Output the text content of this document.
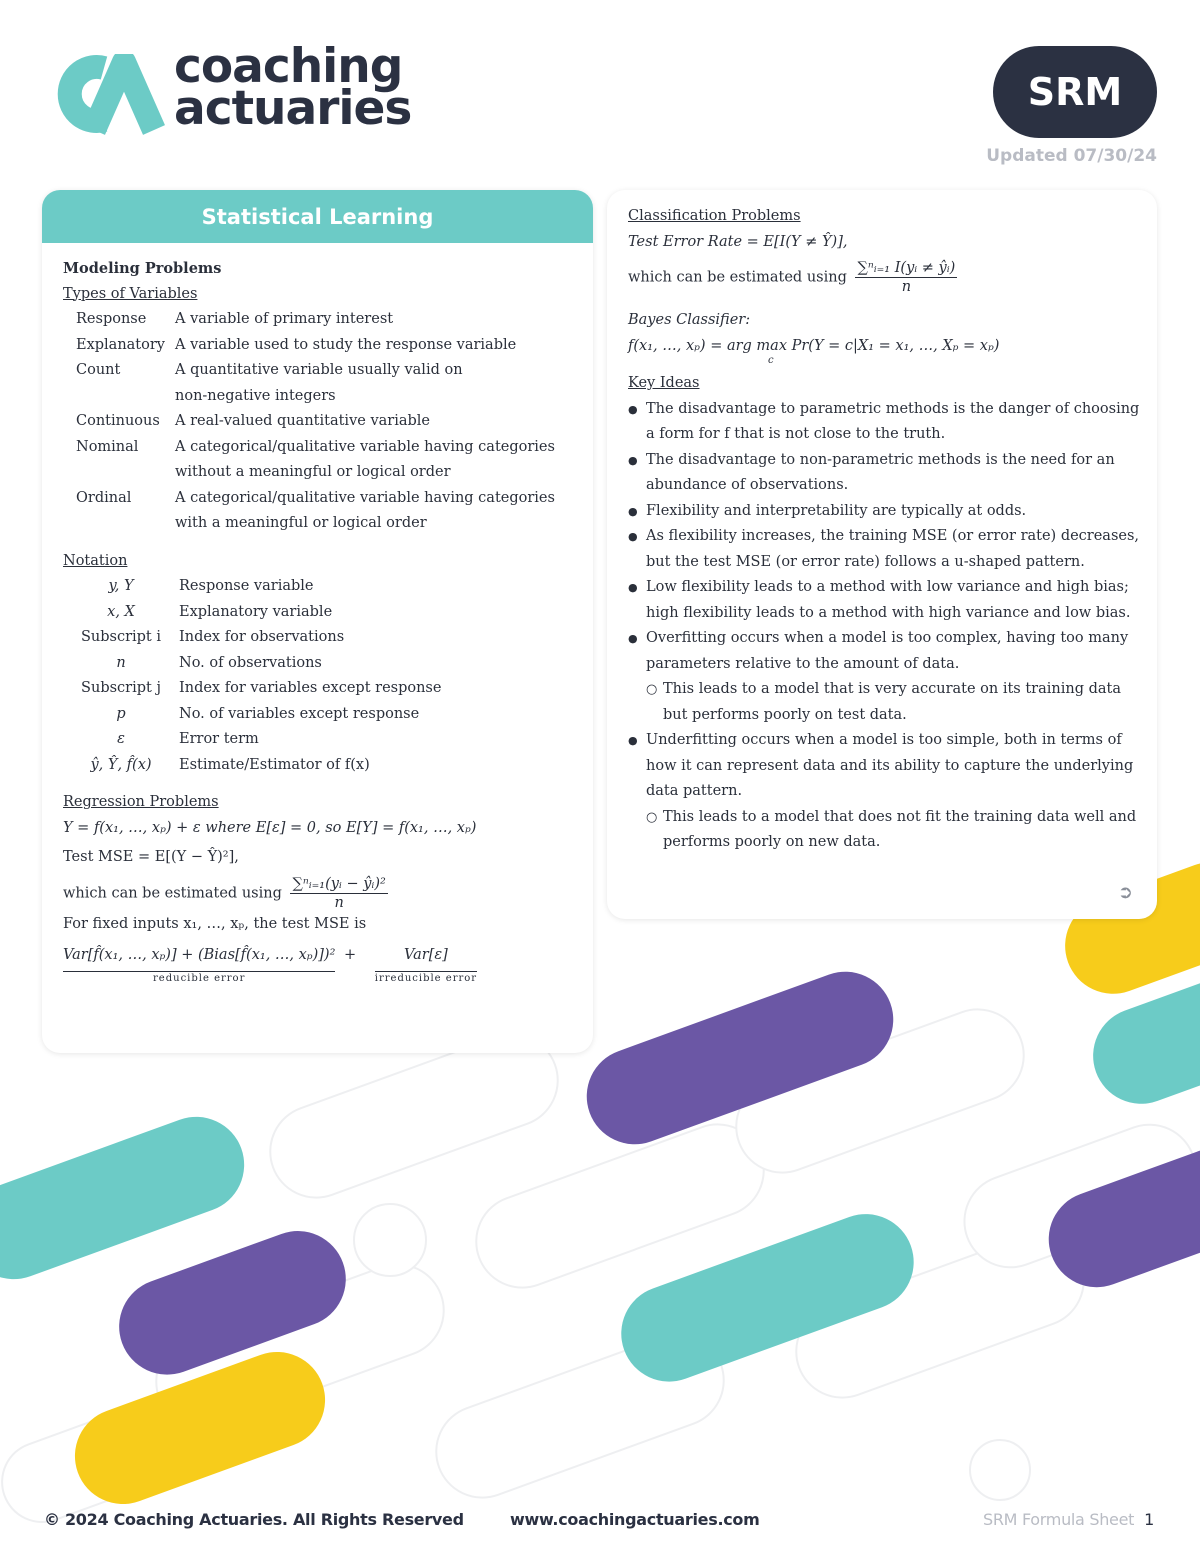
coaching
actuaries	SRM
Updated 07/30/24
Statistical Learning
Modeling Problems
Types of Variables
Response	A variable of primary interest
Explanatory A variable used to study the response variable
Count	A quantitative variable usually valid on
non-negative integers
Continuous	A real-valued quantitative variable
Nominal	A categorical/qualitative variable having categories
without a meaningful or logical order
Ordinal	A categorical/qualitative variable having categories
with a meaningful or logical order
Notation
y, Y	Response variable
x, X	Explanatory variable
Subscript i	Index for observations
n	No. of observations
Subscript j	Index for variables except response
p	No. of variables except response
ε	Error term
ŷ, Ŷ, f̂(x)	Estimate/Estimator of f(x)
Regression Problems
Y = f(x₁, …, xₚ) + ε where E[ε] = 0, so E[Y] = f(x₁, …, xₚ)
Test MSE = E[(Y − Ŷ)²],
which can be estimated using $\frac{\text{∑ⁿᵢ₌₁(yᵢ − ŷᵢ)²}}{n}$
For fixed inputs x₁, …, xₚ, the test MSE is
Var[f̂(x₁, …, xₚ)] + (Bias[f̂(x₁, …, xₚ)])²
reducible error
+	Var[ε]
irreducible error
Classification Problems
Test Error Rate = E[I(Y ≠ Ŷ)],
which can be estimated using $\frac{\text{∑ⁿᵢ₌₁ I(yᵢ ≠ ŷᵢ)}}{n}$
Bayes Classifier:
f(x₁, …, xₚ) = arg max Pr(Y = c|X₁ = x₁, …, Xₚ = xₚ)
c
Key Ideas
● The disadvantage to parametric methods is the danger of choosing a form for f that is not close to the truth.
● The disadvantage to non-parametric methods is the need for an abundance of observations.
● Flexibility and interpretability are typically at odds.
● As flexibility increases, the training MSE (or error rate) decreases, but the test MSE (or error rate) follows a u-shaped pattern.
● Low flexibility leads to a method with low variance and high bias; high flexibility leads to a method with high variance and low bias.
● Overfitting occurs when a model is too complex, having too many parameters relative to the amount of data.
○ This leads to a model that is very accurate on its training data but performs poorly on test data.
● Underfitting occurs when a model is too simple, both in terms of how it can represent data and its ability to capture the underlying data pattern.
○ This leads to a model that does not fit the training data well and performs poorly on new data.
➲
© 2024 Coaching Actuaries. All Rights Reserved	www.coachingactuaries.com	SRM Formula Sheet 1
